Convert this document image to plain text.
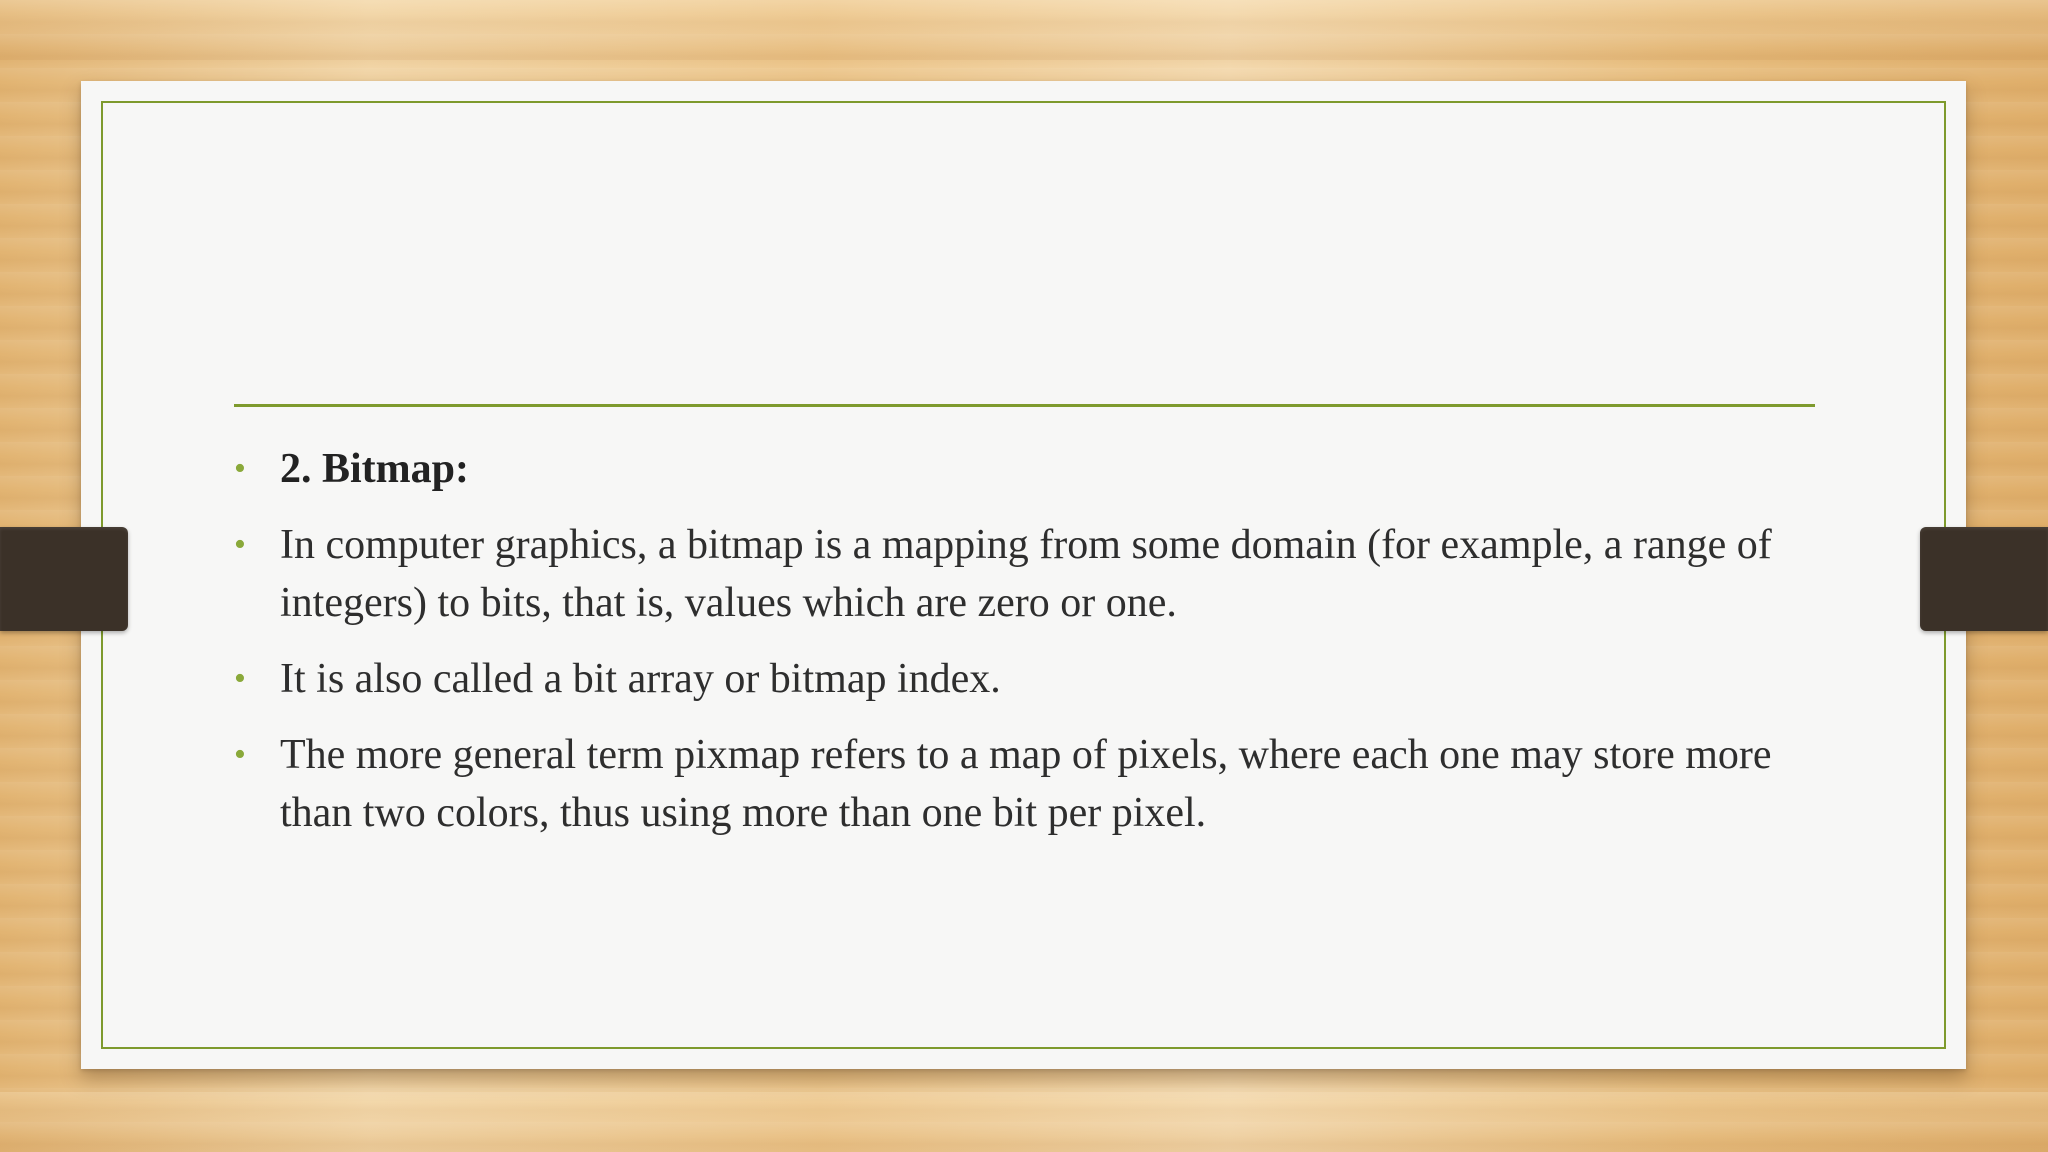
• 2. Bitmap:
• In computer graphics, a bitmap is a mapping from some domain (for example, a range of integers) to bits, that is, values which are zero or one.
• It is also called a bit array or bitmap index.
• The more general term pixmap refers to a map of pixels, where each one may store more than two colors, thus using more than one bit per pixel.
